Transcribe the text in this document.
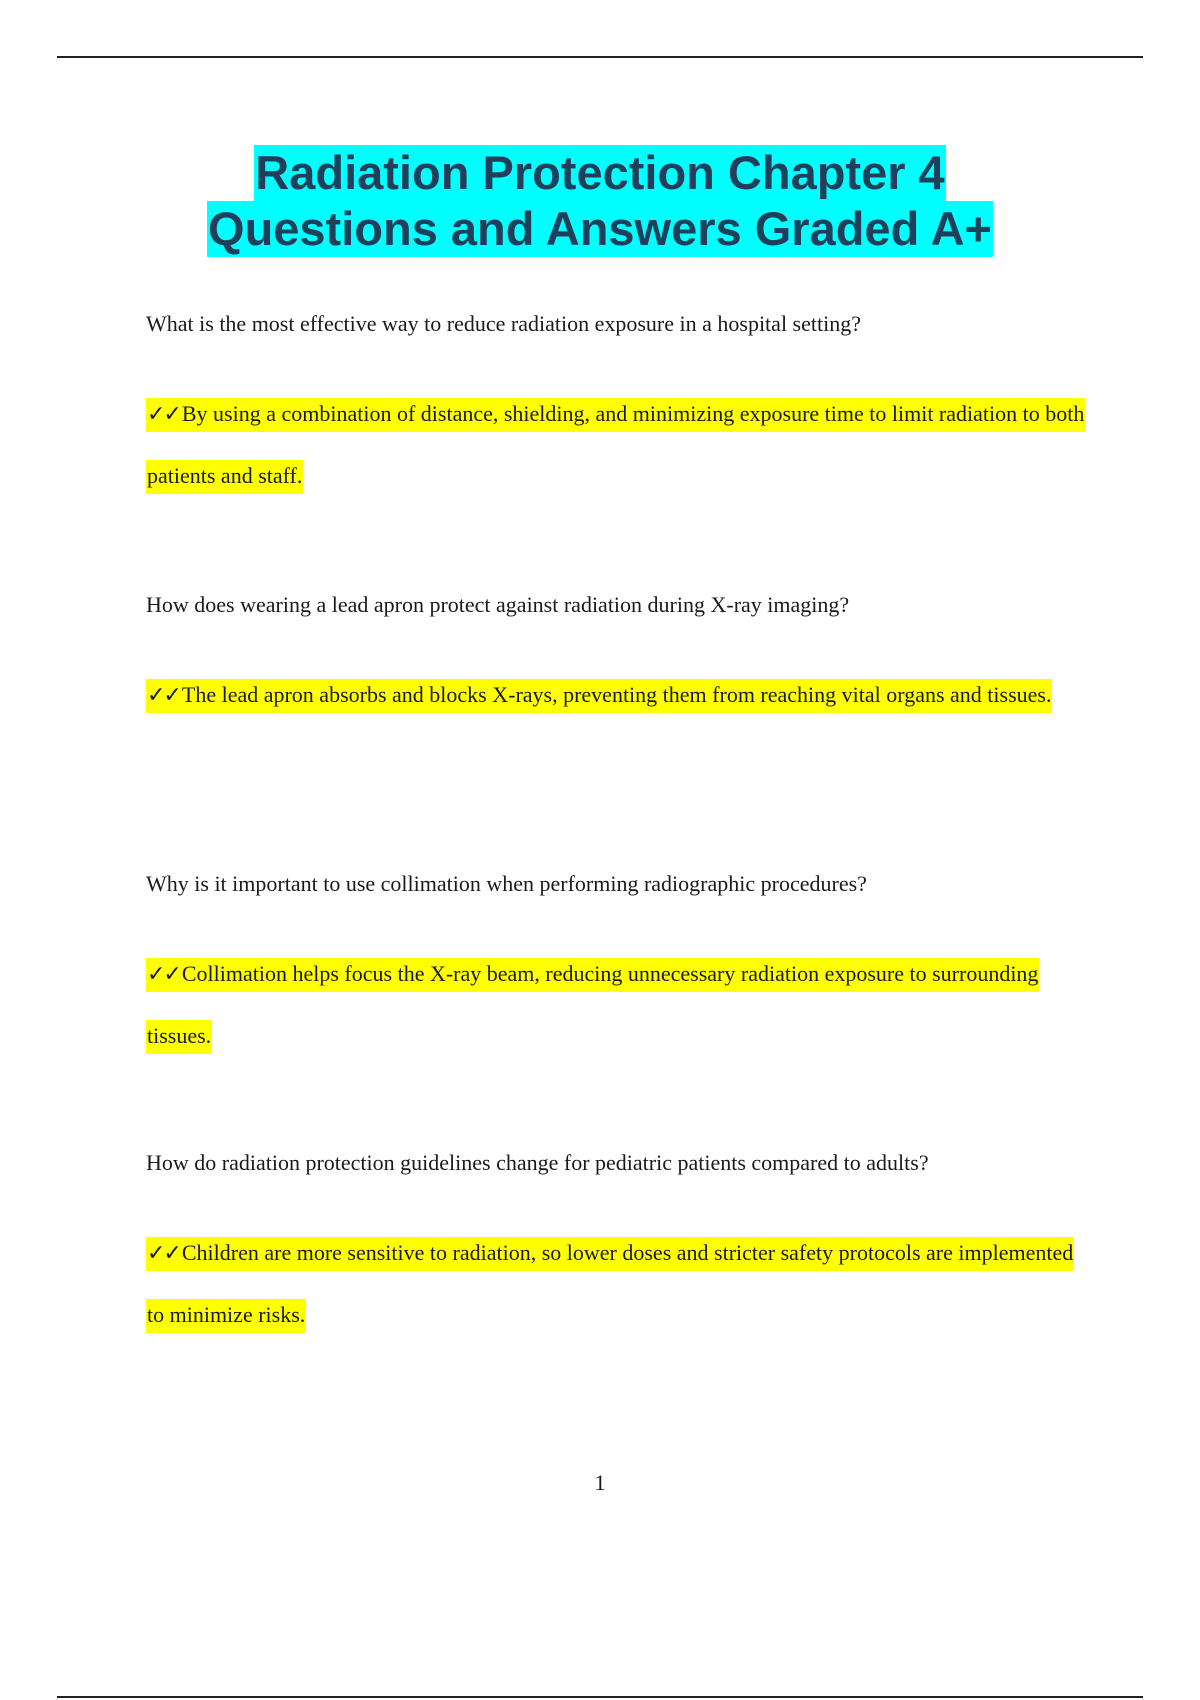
Radiation Protection Chapter 4
Questions and Answers Graded A+

What is the most effective way to reduce radiation exposure in a hospital setting?

✓✓By using a combination of distance, shielding, and minimizing exposure time to limit radiation to both patients and staff.

How does wearing a lead apron protect against radiation during X-ray imaging?

✓✓The lead apron absorbs and blocks X-rays, preventing them from reaching vital organs and tissues.

Why is it important to use collimation when performing radiographic procedures?

✓✓Collimation helps focus the X-ray beam, reducing unnecessary radiation exposure to surrounding tissues.

How do radiation protection guidelines change for pediatric patients compared to adults?

✓✓Children are more sensitive to radiation, so lower doses and stricter safety protocols are implemented to minimize risks.
1
